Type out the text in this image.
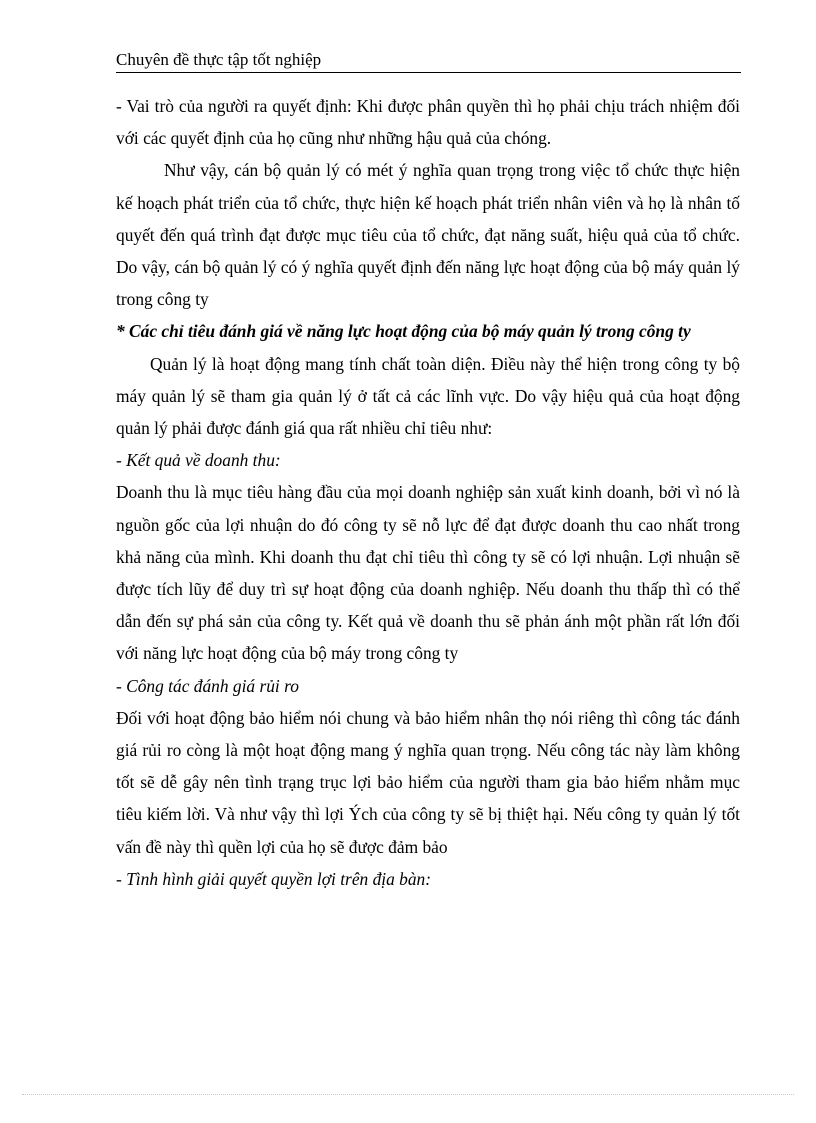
Chuyên đề thực tập tốt nghiệp

- Vai trò của người ra quyết định: Khi được phân quyền thì họ phải chịu trách nhiệm đối với các quyết định của họ cũng như những hậu quả của chóng.

Như vậy, cán bộ quản lý có mét ý nghĩa quan trọng trong việc tổ chức thực hiện kế hoạch phát triển của tổ chức, thực hiện kế hoạch phát triển nhân viên và họ là nhân tố quyết đến quá trình đạt được mục tiêu của tổ chức, đạt năng suất, hiệu quả của tổ chức. Do vậy, cán bộ quản lý có ý nghĩa quyết định đến năng lực hoạt động của bộ máy quản lý trong công ty

* Các chỉ tiêu đánh giá về năng lực hoạt động của bộ máy quản lý trong công ty

Quản lý là hoạt động mang tính chất toàn diện. Điều này thể hiện trong công ty bộ máy quản lý sẽ tham gia quản lý ở tất cả các lĩnh vực. Do vậy hiệu quả của hoạt động quản lý phải được đánh giá qua rất nhiều chỉ tiêu như:

- Kết quả về doanh thu:

Doanh thu là mục tiêu hàng đầu của mọi doanh nghiệp sản xuất kinh doanh, bởi vì nó là nguồn gốc của lợi nhuận do đó công ty sẽ nỗ lực để đạt được doanh thu cao nhất trong khả năng của mình. Khi doanh thu đạt chỉ tiêu thì công ty sẽ có lợi nhuận. Lợi nhuận sẽ được tích lũy để duy trì sự hoạt động của doanh nghiệp. Nếu doanh thu thấp thì có thể dẫn đến sự phá sản của công ty. Kết quả về doanh thu sẽ phản ánh một phần rất lớn đối với năng lực hoạt động của bộ máy trong công ty

- Công tác đánh giá rủi ro

Đối với hoạt động bảo hiểm nói chung và bảo hiểm nhân thọ nói riêng thì công tác đánh giá rủi ro còng là một hoạt động mang ý nghĩa quan trọng. Nếu công tác này làm không tốt sẽ dễ gây nên tình trạng trục lợi bảo hiểm của người tham gia bảo hiểm nhằm mục tiêu kiếm lời. Và như vậy thì lợi Ých của công ty sẽ bị thiệt hại. Nếu công ty quản lý tốt vấn đề này thì quền lợi của họ sẽ được đảm bảo

- Tình hình giải quyết quyền lợi trên địa bàn:
